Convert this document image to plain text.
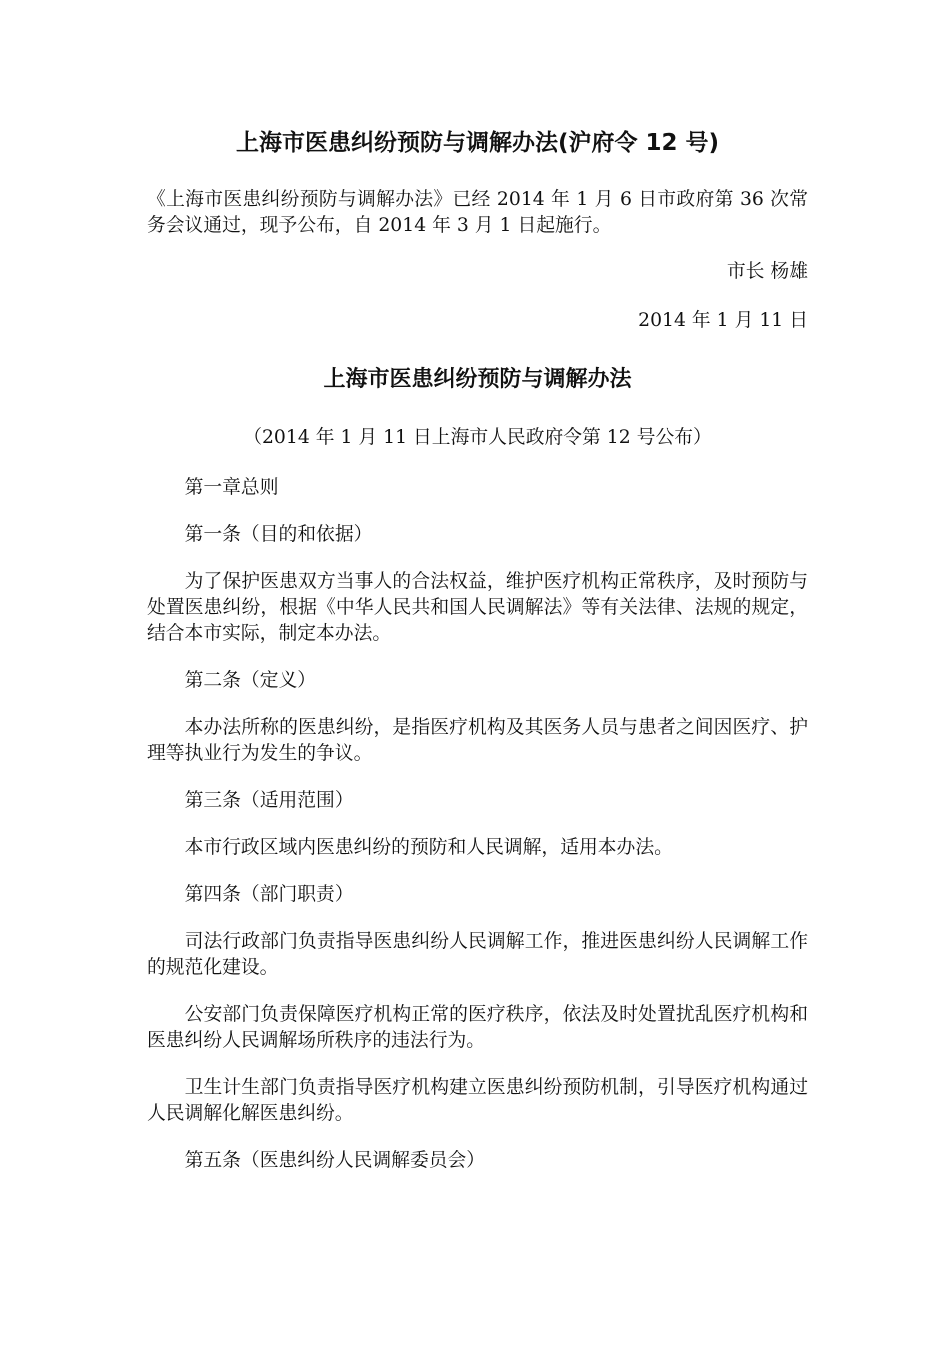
上海市医患纠纷预防与调解办法(沪府令 12 号)

《上海市医患纠纷预防与调解办法》已经 2014 年 1 月 6 日市政府第 36 次常务会议通过，现予公布，自 2014 年 3 月 1 日起施行。

市长 杨雄

2014 年 1 月 11 日

上海市医患纠纷预防与调解办法

（2014 年 1 月 11 日上海市人民政府令第 12 号公布）

第一章总则

第一条（目的和依据）

为了保护医患双方当事人的合法权益，维护医疗机构正常秩序，及时预防与处置医患纠纷，根据《中华人民共和国人民调解法》等有关法律、法规的规定，结合本市实际，制定本办法。

第二条（定义）

本办法所称的医患纠纷，是指医疗机构及其医务人员与患者之间因医疗、护理等执业行为发生的争议。

第三条（适用范围）

本市行政区域内医患纠纷的预防和人民调解，适用本办法。

第四条（部门职责）

司法行政部门负责指导医患纠纷人民调解工作，推进医患纠纷人民调解工作的规范化建设。

公安部门负责保障医疗机构正常的医疗秩序，依法及时处置扰乱医疗机构和医患纠纷人民调解场所秩序的违法行为。

卫生计生部门负责指导医疗机构建立医患纠纷预防机制，引导医疗机构通过人民调解化解医患纠纷。

第五条（医患纠纷人民调解委员会）
